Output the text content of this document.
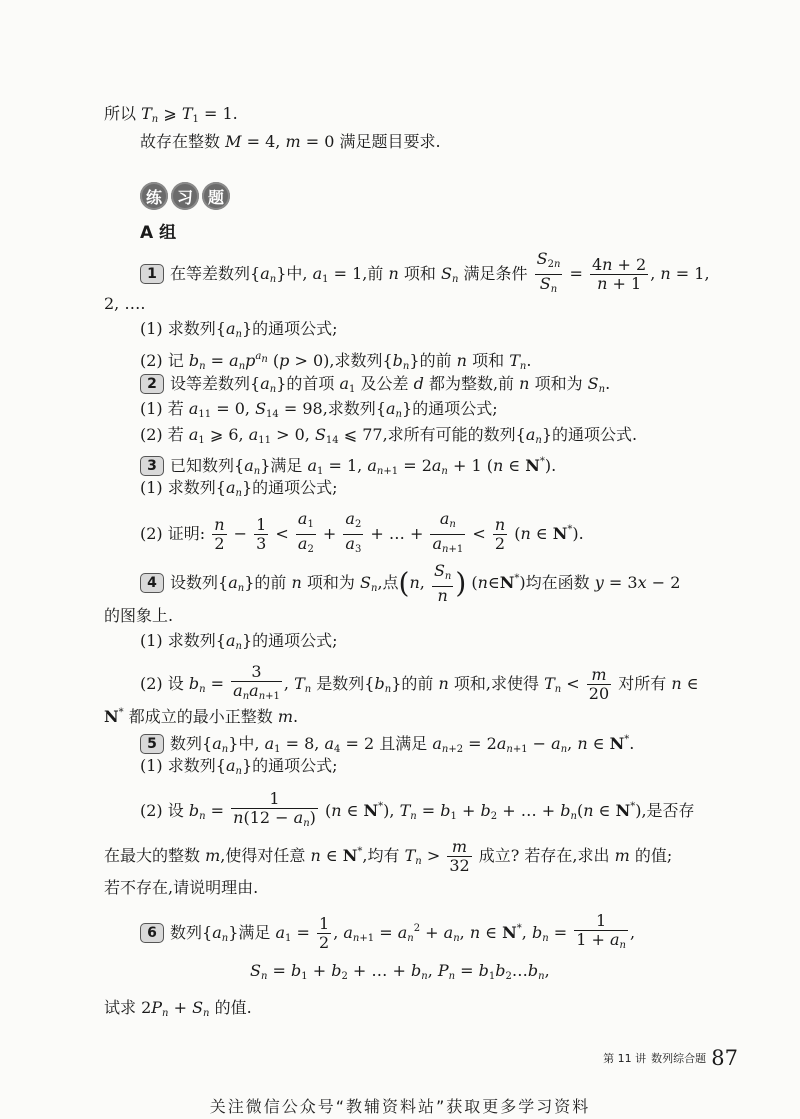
所以 $T_n$ ⩾ $T_1 = 1$.
故存在整数 M = 4, m = 0 满足题目要求.
练 习 题
A 组
1 在等差数列$\{a_n\}$中, $a_1 = 1$,前 n 项和 $S_n$ 满足条件 $\frac{S_{2n}}{S_n} = \frac{4n + 2}{n + 1}$ , n = 1,
2, ….
(1) 求数列$\{a_n\}$的通项公式;
(2) 记 $b_n = a_np^{a_n}$ (p > 0),求数列$\{b_n\}$的前 n 项和 $T_n$.
2 设等差数列$\{a_n\}$的首项 $a_1$ 及公差 d 都为整数,前 n 项和为 $S_n$.
(1) 若 $a_{11} = 0$, $S_{14} = 98$,求数列$\{a_n\}$的通项公式;
(2) 若 $a_1$ ⩾ 6, $a_{11} > 0$, $S_{14}$ ⩽ 77,求所有可能的数列$\{a_n\}$的通项公式.
3 已知数列$\{a_n\}$满足 $a_1 = 1$, $a_{n+1} = 2a_n + 1$ (n ∈ N*).
(1) 求数列$\{a_n\}$的通项公式;
(2) 证明: $\frac{n}{2} - \frac{1}{3} < \frac{a_1}{a_2} + \frac{a_2}{a_3}$ + … + $\frac{a_n}{a_{n+1}} < \frac{n}{2} (n$ ∈ N*).
4 设数列$\{a_n\}$的前 n 项和为 $S_n$,点(n, $\frac{S_n}{n}$ ) (n∈N*)均在函数 y = 3x − 2
的图象上.
(1) 求数列$\{a_n\}$的通项公式;
(2) 设 $b_n = \frac{3}{a_na_{n+1}}$ , $T_n$ 是数列$\{b_n\}$的前 n 项和,求使得 $T_n < \frac{m}{20}$ 对所有 n ∈
N* 都成立的最小正整数 m.
5 数列$\{a_n\}$中, $a_1 = 8$, $a_4 = 2$ 且满足 $a_{n+2} = 2a_{n+1} - a_n$, n ∈ N*.
(1) 求数列$\{a_n\}$的通项公式;
(2) 设 $b_n = \frac{1}{n(12 - a_n)} (n$ ∈ N*), $T_n = b_1 + b_2$ + … + $b_n(n$ ∈ N*),是否存
在最大的整数 m,使得对任意 n ∈ N*,均有 $T_n > \frac{m}{32}$ 成立? 若存在,求出 m 的值;
若不存在,请说明理由.
6 数列$\{a_n\}$满足 $a_1 = \frac{1}{2}$ , $a_{n+1} = a_n^2 + a_n$, n ∈ N*, $b_n = \frac{1}{1 + a_n}$ ,
$S_n = b_1 + b_2$ + … + $b_n$, $P_n$ = $b_1b_2\dots b_n$,
试求 $2P_n + S_n$ 的值.
第 11 讲 数列综合题 87
关注微信公众号“教辅资料站”获取更多学习资料
